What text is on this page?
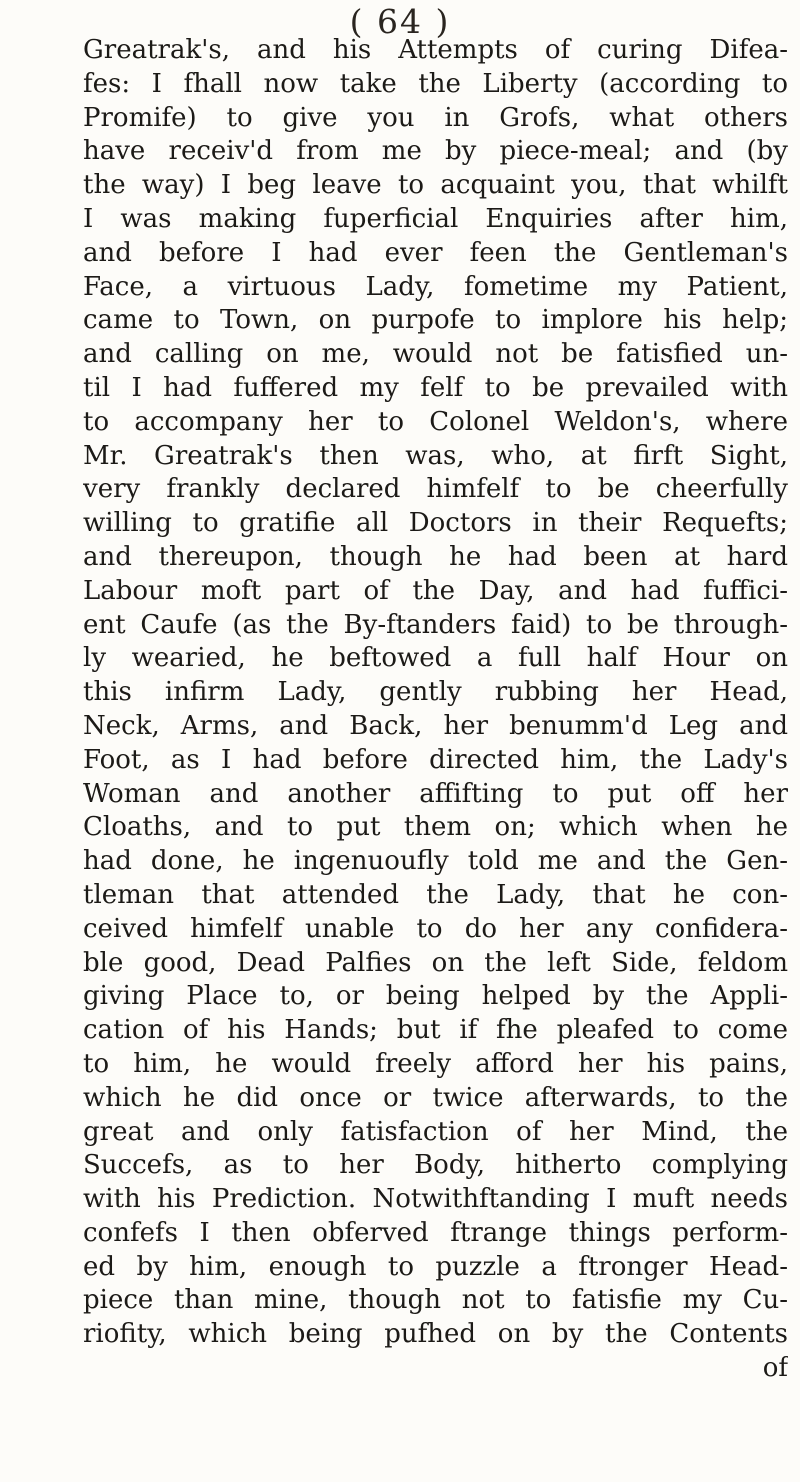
( 64 )
Greatrak's, and his Attempts of curing Difea-
fes: I fhall now take the Liberty (according to
Promife) to give you in Grofs, what others
have receiv'd from me by piece-meal; and (by
the way) I beg leave to acquaint you, that whilft
I was making fuperficial Enquiries after him,
and before I had ever feen the Gentleman's
Face, a virtuous Lady, fometime my Patient,
came to Town, on purpofe to implore his help;
and calling on me, would not be fatisfied un-
til I had fuffered my felf to be prevailed with
to accompany her to Colonel Weldon's, where
Mr. Greatrak's then was, who, at firft Sight,
very frankly declared himfelf to be cheerfully
willing to gratifie all Doctors in their Requefts;
and thereupon, though he had been at hard
Labour moft part of the Day, and had fuffici-
ent Caufe (as the By-ftanders faid) to be through-
ly wearied, he beftowed a full half Hour on
this infirm Lady, gently rubbing her Head,
Neck, Arms, and Back, her benumm'd Leg and
Foot, as I had before directed him, the Lady's
Woman and another affifting to put off her
Cloaths, and to put them on; which when he
had done, he ingenuoufly told me and the Gen-
tleman that attended the Lady, that he con-
ceived himfelf unable to do her any confidera-
ble good, Dead Palfies on the left Side, feldom
giving Place to, or being helped by the Appli-
cation of his Hands; but if fhe pleafed to come
to him, he would freely afford her his pains,
which he did once or twice afterwards, to the
great and only fatisfaction of her Mind, the
Succefs, as to her Body, hitherto complying
with his Prediction. Notwithftanding I muft needs
confefs I then obferved ftrange things perform-
ed by him, enough to puzzle a ftronger Head-
piece than mine, though not to fatisfie my Cu-
riofity, which being pufhed on by the Contents
of
